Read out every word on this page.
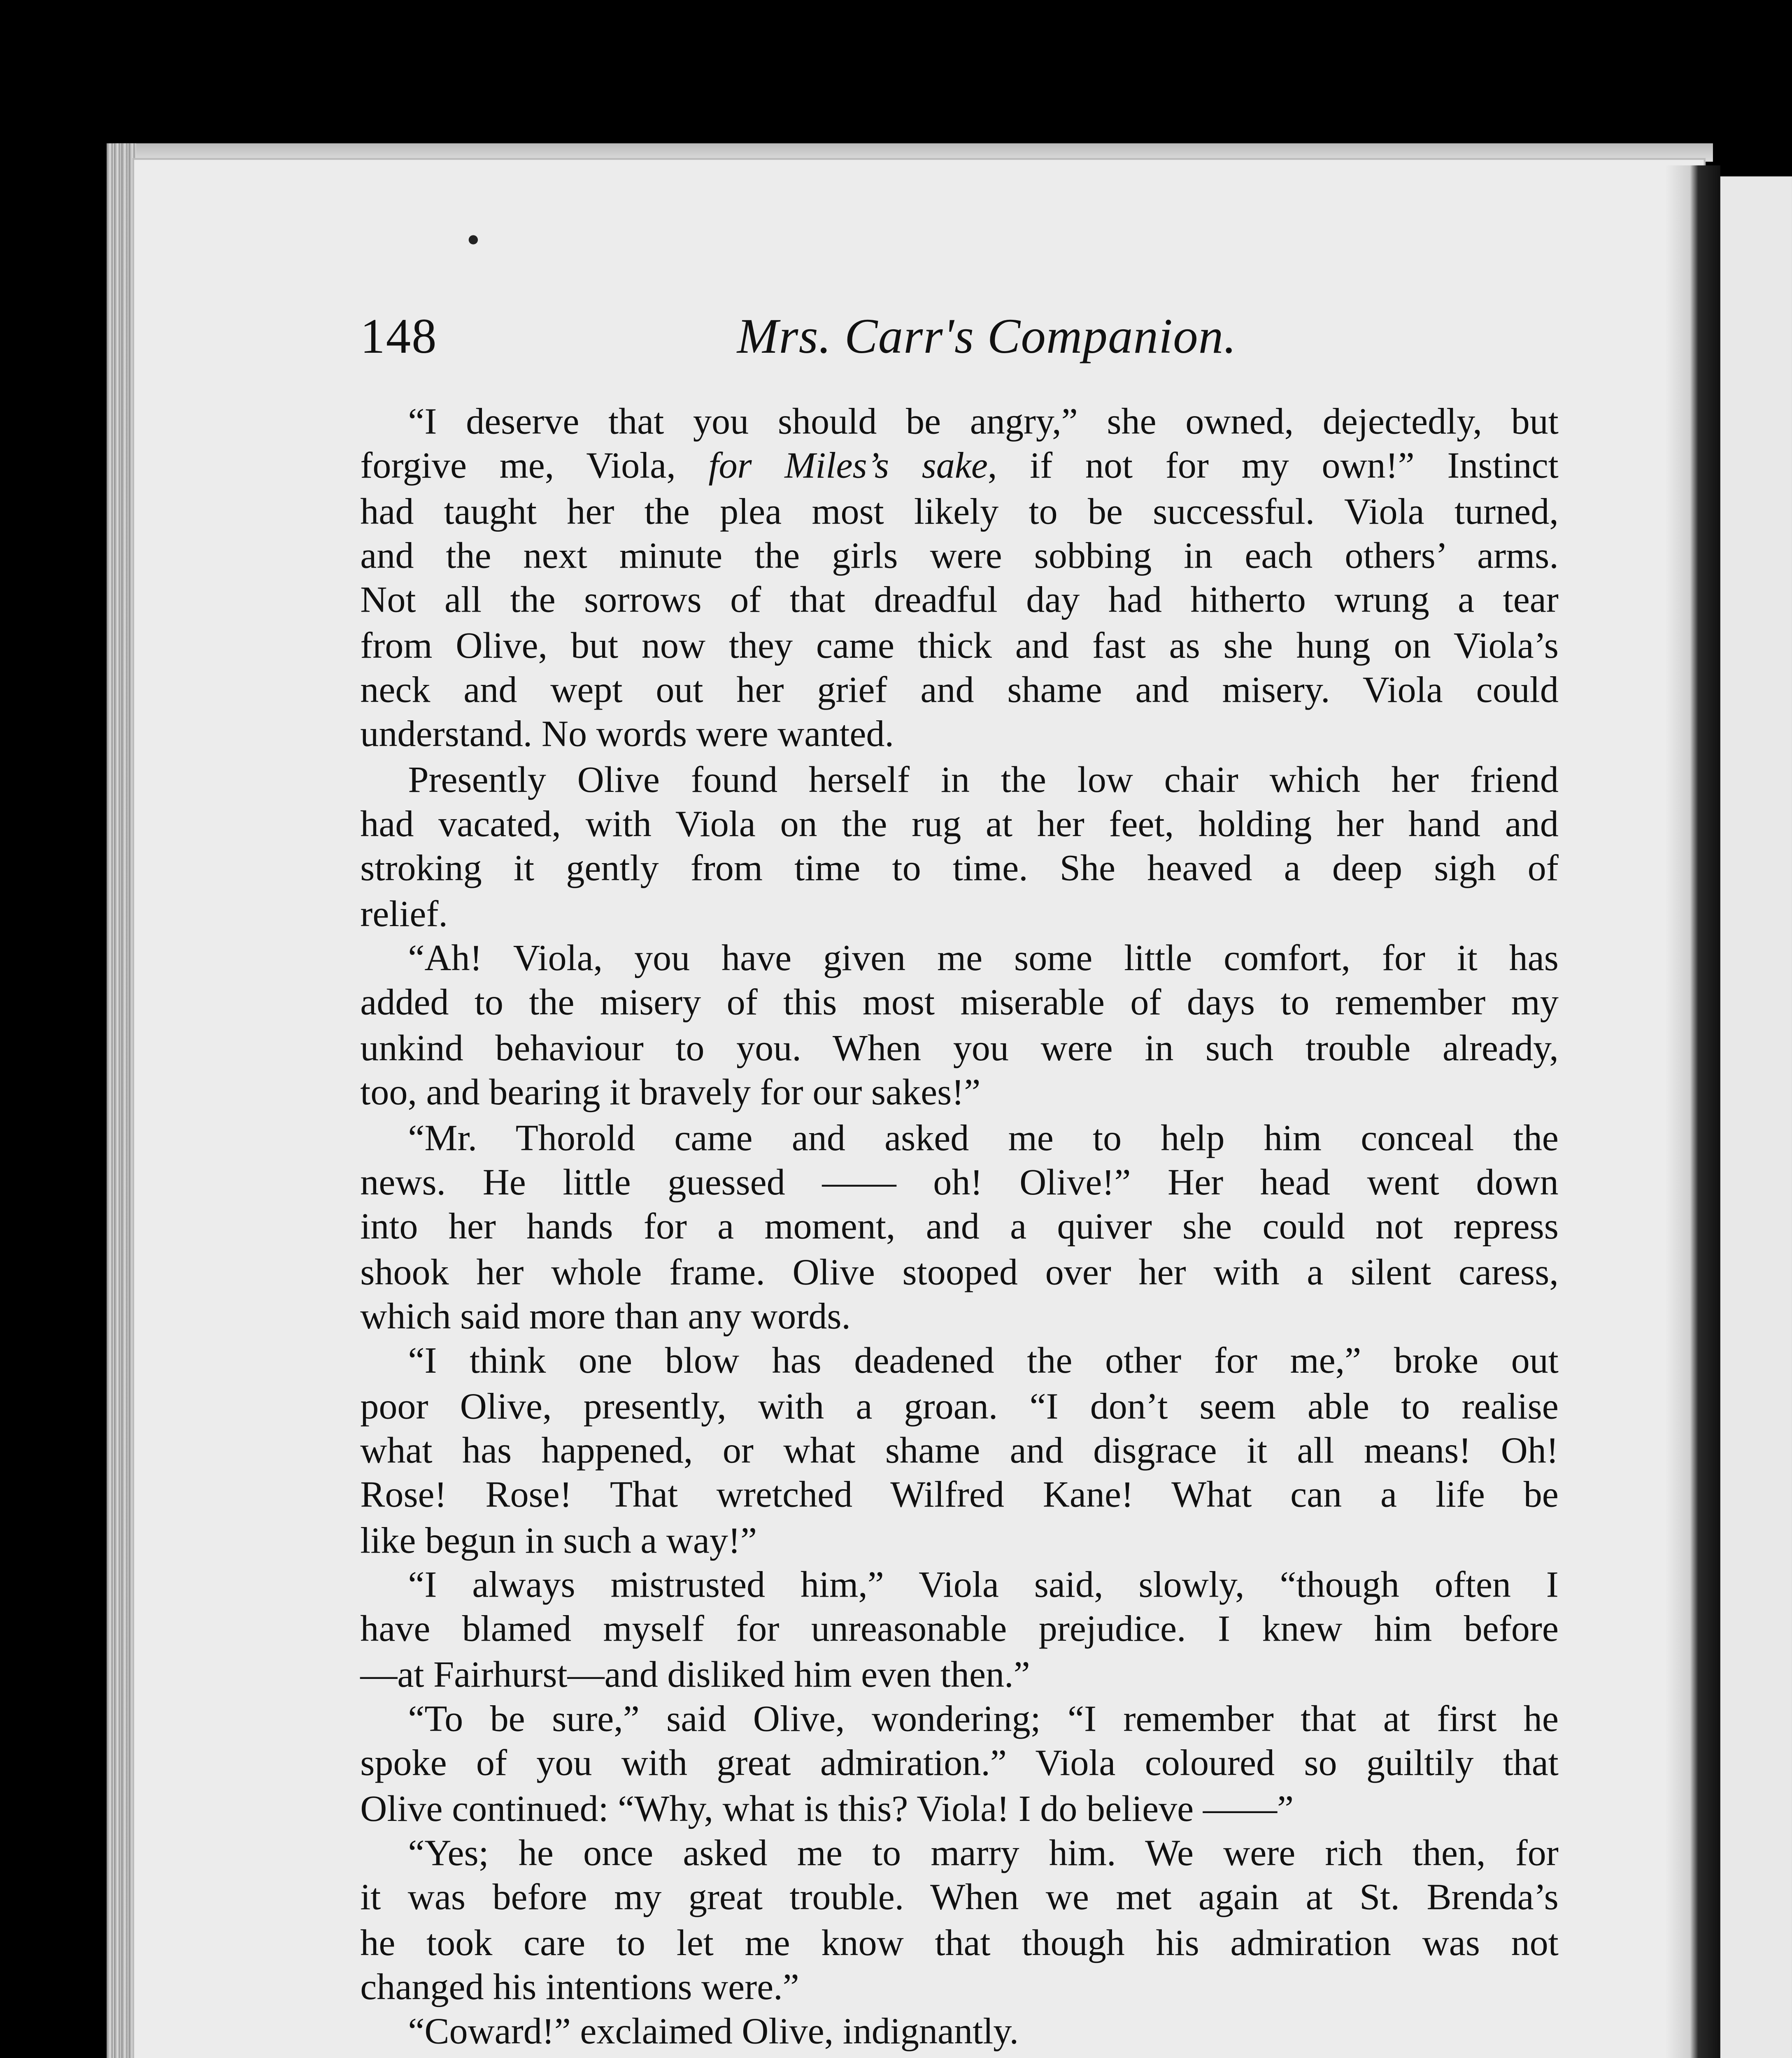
148	Mrs. Carr's Companion.
“I deserve that you should be angry,” she owned, dejectedly, but
forgive me, Viola, for Miles’s sake, if not for my own!” Instinct
had taught her the plea most likely to be successful. Viola turned,
and the next minute the girls were sobbing in each others’ arms.
Not all the sorrows of that dreadful day had hitherto wrung a tear
from Olive, but now they came thick and fast as she hung on Viola’s
neck and wept out her grief and shame and misery. Viola could
understand. No words were wanted.
Presently Olive found herself in the low chair which her friend
had vacated, with Viola on the rug at her feet, holding her hand and
stroking it gently from time to time. She heaved a deep sigh of
relief.
“Ah! Viola, you have given me some little comfort, for it has
added to the misery of this most miserable of days to remember my
unkind behaviour to you. When you were in such trouble already,
too, and bearing it bravely for our sakes!”
“Mr. Thorold came and asked me to help him conceal the
news. He little guessed —— oh! Olive!” Her head went down
into her hands for a moment, and a quiver she could not repress
shook her whole frame. Olive stooped over her with a silent caress,
which said more than any words.
“I think one blow has deadened the other for me,” broke out
poor Olive, presently, with a groan. “I don’t seem able to realise
what has happened, or what shame and disgrace it all means! Oh!
Rose! Rose! That wretched Wilfred Kane! What can a life be
like begun in such a way!”
“I always mistrusted him,” Viola said, slowly, “though often I
have blamed myself for unreasonable prejudice. I knew him before
—at Fairhurst—and disliked him even then.”
“To be sure,” said Olive, wondering; “I remember that at first he
spoke of you with great admiration.” Viola coloured so guiltily that
Olive continued: “Why, what is this? Viola! I do believe ——”
“Yes; he once asked me to marry him. We were rich then, for
it was before my great trouble. When we met again at St. Brenda’s
he took care to let me know that though his admiration was not
changed his intentions were.”
“Coward!” exclaimed Olive, indignantly.
